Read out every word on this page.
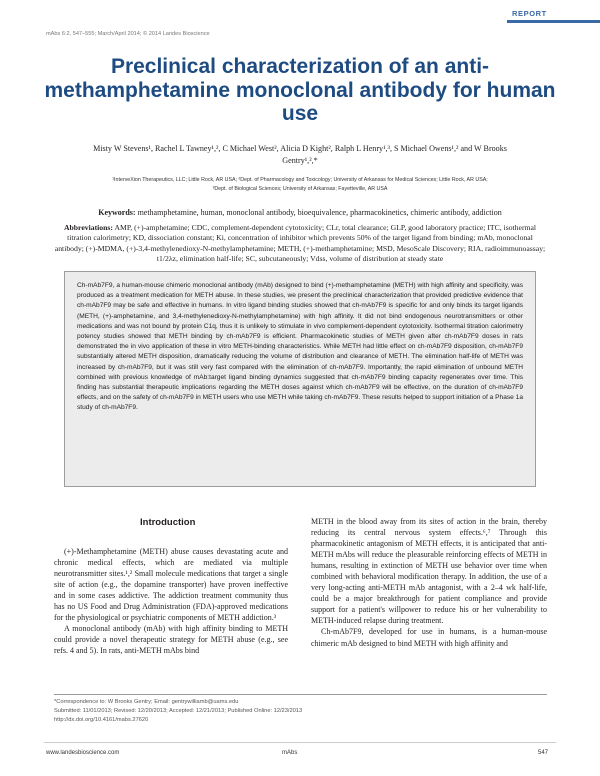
REPORT
mAbs 6:2, 547–555; March/April 2014; © 2014 Landes Bioscience
Preclinical characterization of an anti-methamphetamine monoclonal antibody for human use
Misty W Stevens¹, Rachel L Tawney¹,², C Michael West², Alicia D Kight², Ralph L Henry¹,³, S Michael Owens¹,² and W Brooks Gentry¹,²,*
¹InterveXion Therapeutics, LLC; Little Rock, AR USA; ²Dept. of Pharmacology and Toxicology; University of Arkansas for Medical Sciences; Little Rock, AR USA;
³Dept. of Biological Sciences; University of Arkansas; Fayetteville, AR USA
Keywords: methamphetamine, human, monoclonal antibody, bioequivalence, pharmacokinetics, chimeric antibody, addiction
Abbreviations: AMP, (+)-amphetamine; CDC, complement-dependent cytotoxicity; CLr, total clearance; GLP, good laboratory practice; ITC, isothermal titration calorimetry; KD, dissociation constant; Ki, concentration of inhibitor which prevents 50% of the target ligand from binding; mAb, monoclonal antibody; (+)-MDMA, (+)-3,4-methylenedioxy-N-methylamphetamine; METH, (+)-methamphetamine; MSD, MesoScale Discovery; RIA, radioimmunoassay; t1/2λz, elimination half-life; SC, subcutaneously; Vdss, volume of distribution at steady state
Ch-mAb7F9, a human-mouse chimeric monoclonal antibody (mAb) designed to bind (+)-methamphetamine (METH) with high affinity and specificity, was produced as a treatment medication for METH abuse. In these studies, we present the preclinical characterization that provided predictive evidence that ch-mAb7F9 may be safe and effective in humans. In vitro ligand binding studies showed that ch-mAb7F9 is specific for and only binds its target ligands (METH, (+)-amphetamine, and 3,4-methylenedioxy-N-methylamphetamine) with high affinity. It did not bind endogenous neurotransmitters or other medications and was not bound by protein C1q, thus it is unlikely to stimulate in vivo complement-dependent cytotoxicity. Isothermal titration calorimetry potency studies showed that METH binding by ch-mAb7F9 is efficient. Pharmacokinetic studies of METH given after ch-mAb7F9 doses in rats demonstrated the in vivo application of these in vitro METH-binding characteristics. While METH had little effect on ch-mAb7F9 disposition, ch-mAb7F9 substantially altered METH disposition, dramatically reducing the volume of distribution and clearance of METH. The elimination half-life of METH was increased by ch-mAb7F9, but it was still very fast compared with the elimination of ch-mAb7F9. Importantly, the rapid elimination of unbound METH combined with previous knowledge of mAb:target ligand binding dynamics suggested that ch-mAb7F9 binding capacity regenerates over time. This finding has substantial therapeutic implications regarding the METH doses against which ch-mAb7F9 will be effective, on the duration of ch-mAb7F9 effects, and on the safety of ch-mAb7F9 in METH users who use METH while taking ch-mAb7F9. These results helped to support initiation of a Phase 1a study of ch-mAb7F9.
Introduction

(+)-Methamphetamine (METH) abuse causes devastating acute and chronic medical effects, which are mediated via multiple neurotransmitter sites.¹,² Small molecule medications that target a single site of action (e.g., the dopamine transporter) have proven ineffective and in some cases addictive. The addiction treatment community thus has no US Food and Drug Administration (FDA)-approved medications for the physiological or psychiatric components of METH addiction.³

A monoclonal antibody (mAb) with high affinity binding to METH could provide a novel therapeutic strategy for METH abuse (e.g., see refs. 4 and 5). In rats, anti-METH mAbs bind

METH in the blood away from its sites of action in the brain, thereby reducing its central nervous system effects.⁶,⁷ Through this pharmacokinetic antagonism of METH effects, it is anticipated that anti-METH mAbs will reduce the pleasurable reinforcing effects of METH in humans, resulting in extinction of METH use behavior over time when combined with behavioral modification therapy. In addition, the use of a very long-acting anti-METH mAb antagonist, with a 2–4 wk half-life, could be a major breakthrough for patient compliance and provide support for a patient's willpower to reduce his or her vulnerability to METH-induced relapse during treatment.

Ch-mAb7F9, developed for use in humans, is a human-mouse chimeric mAb designed to bind METH with high affinity and

*Correspondence to: W Brooks Gentry; Email: gentrywilliamb@uams.edu
Submitted: 11/01/2013; Revised: 12/20/2013; Accepted: 12/21/2013; Published Online: 12/23/2013
http://dx.doi.org/10.4161/mabs.27620
www.landesbioscience.com	mAbs	547
